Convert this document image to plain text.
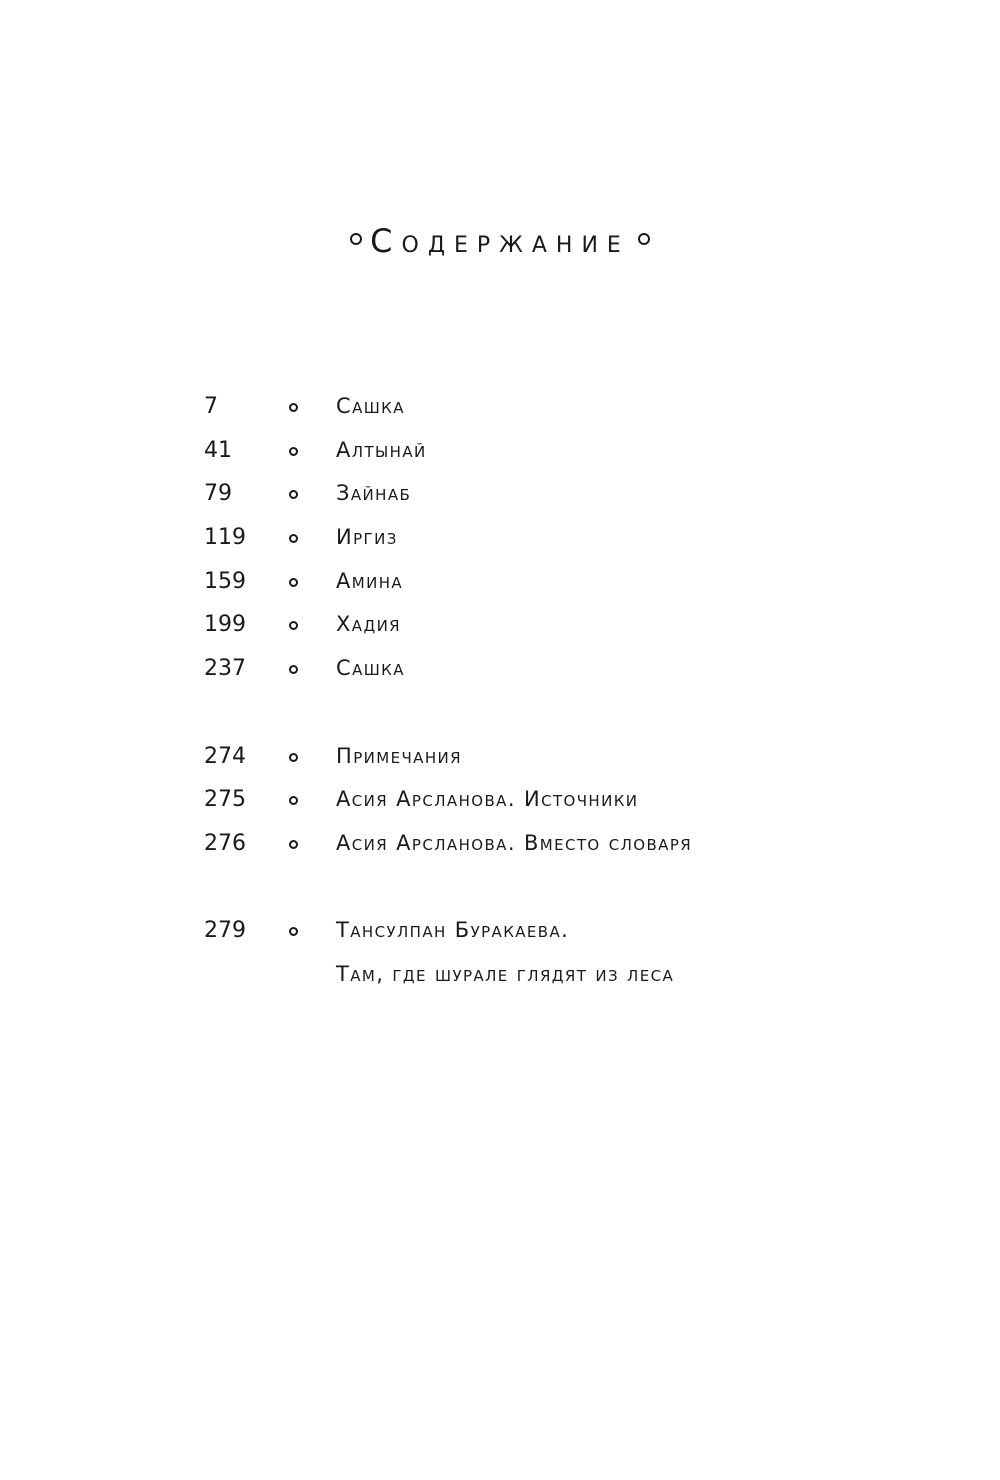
Содержание
7	Сашка
41	Алтынай
79	Зайнаб
119	Иргиз
159	Амина
199	Хадия
237	Сашка
274	Примечания
275	Асия Арсланова. Источники
276	Асия Арсланова. Вместо словаря
279	Тансулпан Буракаева.
Там, где шурале глядят из леса
